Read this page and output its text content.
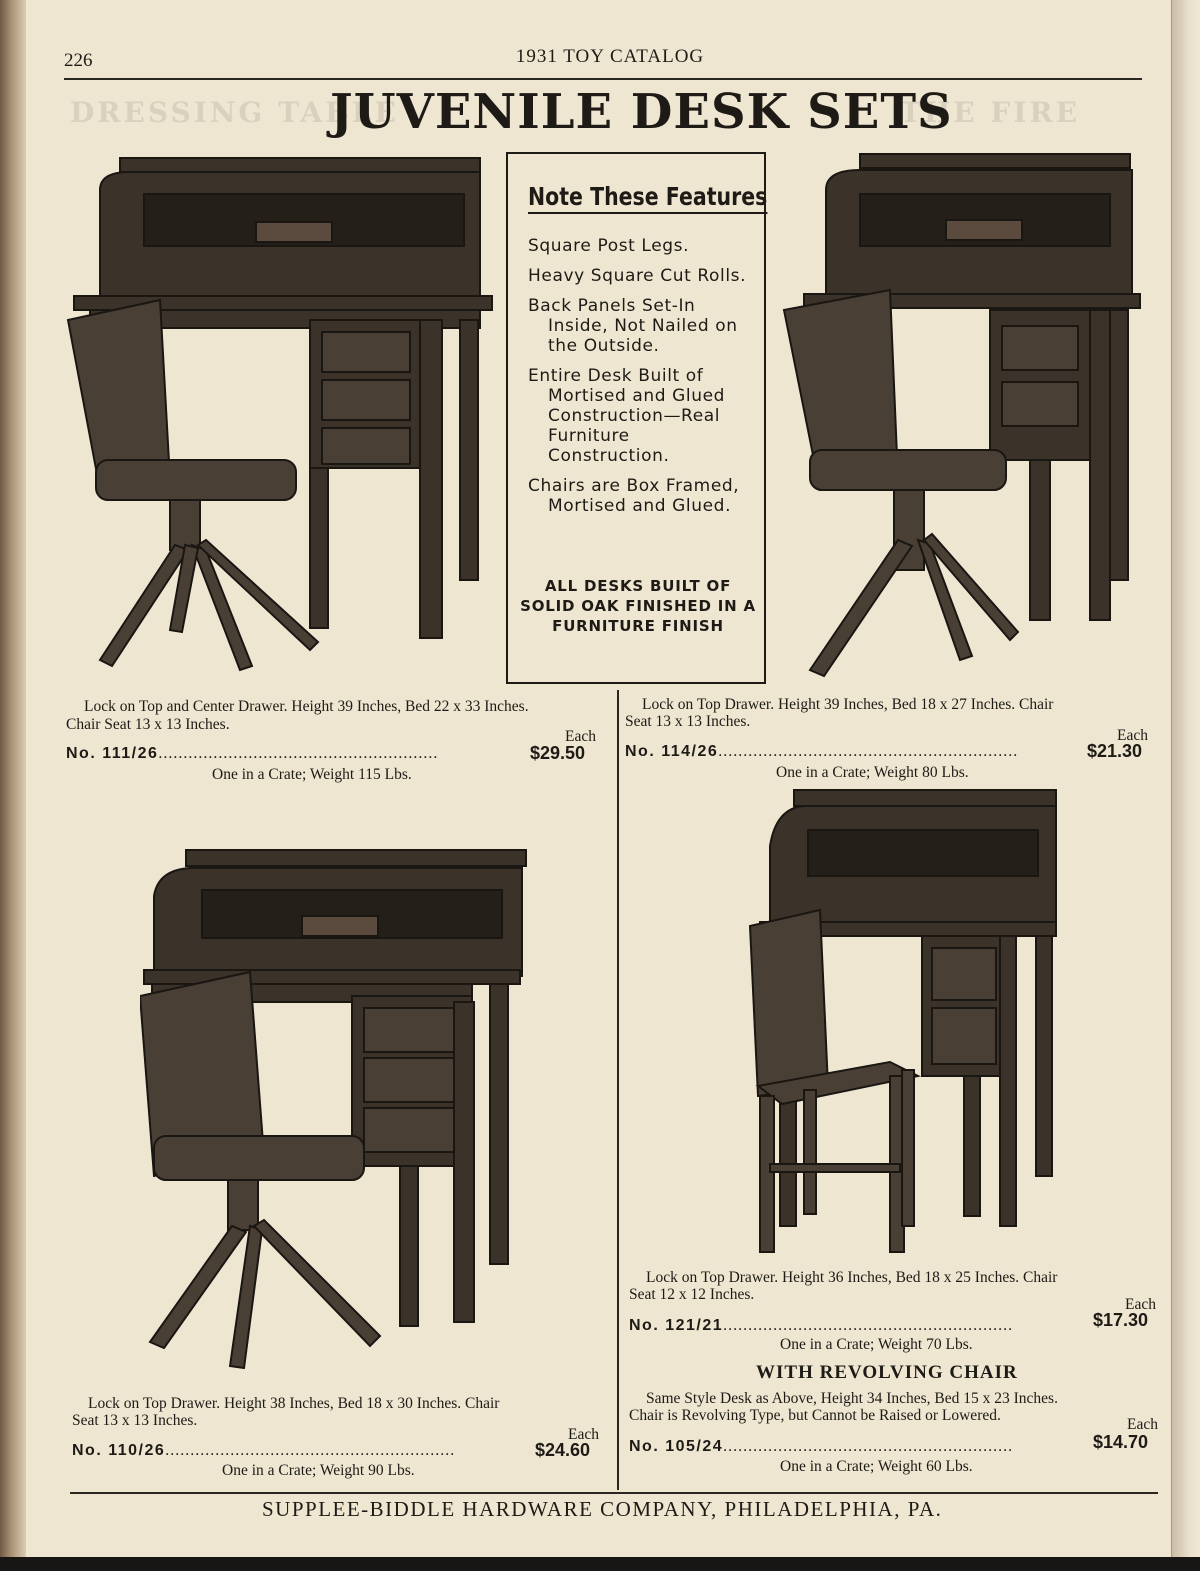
DRESSING TABLE	THE FIRE
226	1931 TOY CATALOG
JUVENILE DESK SETS
Note These Features
Square Post Legs.
Heavy Square Cut Rolls.
Back Panels Set-In Inside, Not Nailed on the Outside.
Entire Desk Built of Mortised and Glued Construction—Real Furniture Construction.
Chairs are Box Framed, Mortised and Glued.
ALL DESKS BUILT OF SOLID OAK FINISHED IN A FURNITURE FINISH
Lock on Top and Center Drawer. Height 39 Inches, Bed 22 x 33 Inches.
Chair Seat 13 x 13 Inches.
Each
No. 111/26........................................................	$29.50
One in a Crate; Weight 115 Lbs.
Lock on Top Drawer. Height 39 Inches, Bed 18 x 27 Inches. Chair
Seat 13 x 13 Inches.
Each
No. 114/26............................................................	$21.30
One in a Crate; Weight 80 Lbs.
Lock on Top Drawer. Height 38 Inches, Bed 18 x 30 Inches. Chair
Seat 13 x 13 Inches.
Each
No. 110/26..........................................................	$24.60
One in a Crate; Weight 90 Lbs.
Lock on Top Drawer. Height 36 Inches, Bed 18 x 25 Inches. Chair
Seat 12 x 12 Inches.
Each
No. 121/21..........................................................	$17.30
One in a Crate; Weight 70 Lbs.
WITH REVOLVING CHAIR
Same Style Desk as Above, Height 34 Inches, Bed 15 x 23 Inches.
Chair is Revolving Type, but Cannot be Raised or Lowered.
Each
No. 105/24..........................................................	$14.70
One in a Crate; Weight 60 Lbs.
SUPPLEE-BIDDLE HARDWARE COMPANY, PHILADELPHIA, PA.
